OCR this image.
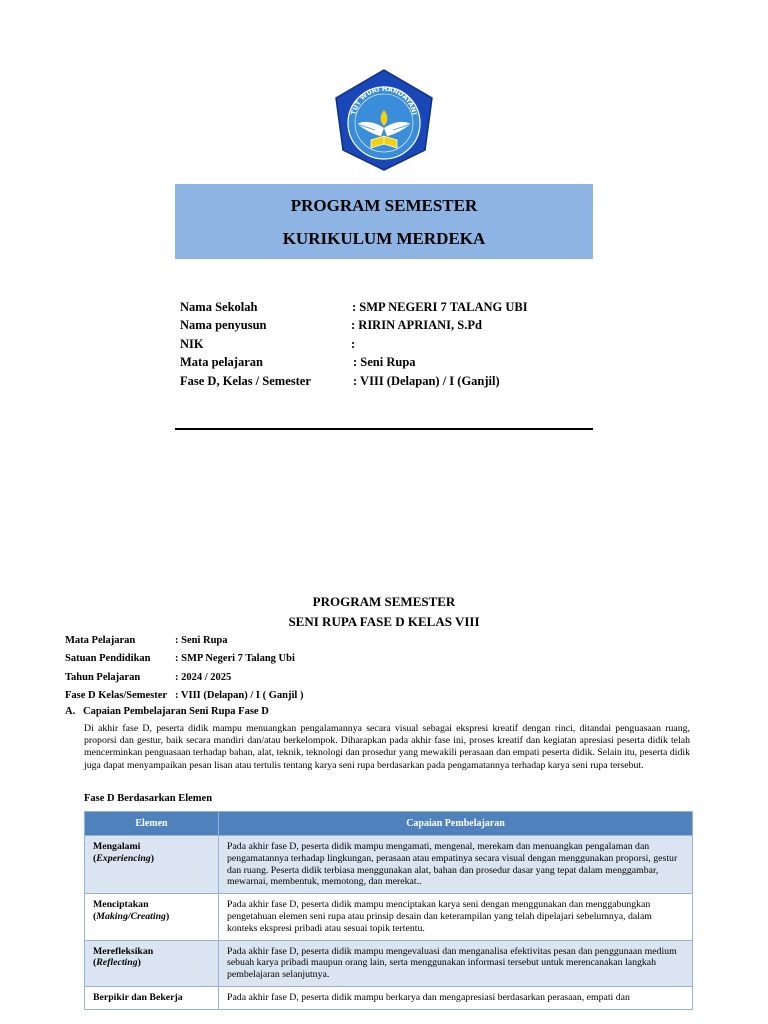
TUT WURI HANDAYANI
PROGRAM SEMESTER
KURIKULUM MERDEKA
Nama Sekolah	: SMP NEGERI 7 TALANG UBI
Nama penyusun	: RIRIN APRIANI, S.Pd
NIK	:
Mata pelajaran	: Seni Rupa
Fase D, Kelas / Semester	: VIII (Delapan) / I (Ganjil)
PROGRAM SEMESTER
SENI RUPA FASE D KELAS VIII
Mata Pelajaran	: Seni Rupa
Satuan Pendidikan : SMP Negeri 7 Talang Ubi
Tahun Pelajaran	: 2024 / 2025
Fase D Kelas/Semester : VIII (Delapan) / I ( Ganjil )
A. Capaian Pembelajaran Seni Rupa Fase D

Di akhir fase D, peserta didik mampu menuangkan pengalamannya secara visual sebagai ekspresi kreatif dengan rinci, ditandai penguasaan ruang, proporsi dan gestur, baik secara mandiri dan/atau berkelompok. Diharapkan pada akhir fase ini, proses kreatif dan kegiatan apresiasi peserta didik telah mencerminkan penguasaan terhadap bahan, alat, teknik, teknologi dan prosedur yang mewakili perasaan dan empati peserta didik. Selain itu, peserta didik juga dapat menyampaikan pesan lisan atau tertulis tentang karya seni rupa berdasarkan pada pengamatannya terhadap karya seni rupa tersebut.

Fase D Berdasarkan Elemen
Elemen	Capaian Pembelajaran
Mengalami
(Experiencing)	Pada akhir fase D, peserta didik mampu mengamati, mengenal, merekam dan menuangkan pengalaman dan pengamatannya terhadap lingkungan, perasaan atau empatinya secara visual dengan menggunakan proporsi, gestur dan ruang. Peserta didik terbiasa menggunakan alat, bahan dan prosedur dasar yang tepat dalam menggambar, mewarnai, membentuk, memotong, dan merekat..
Menciptakan
(Making/Creating)	Pada akhir fase D, peserta didik mampu menciptakan karya seni dengan menggunakan dan menggabungkan pengetahuan elemen seni rupa atau prinsip desain dan keterampilan yang telah dipelajari sebelumnya, dalam konteks ekspresi pribadi atau sesuai topik tertentu.
Merefleksikan
(Reflecting)	Pada akhir fase D, peserta didik mampu mengevaluasi dan menganalisa efektivitas pesan dan penggunaan medium sebuah karya pribadi maupun orang lain, serta menggunakan informasi tersebut untuk merencanakan langkah pembelajaran selanjutnya.
Berpikir dan Bekerja	Pada akhir fase D, peserta didik mampu berkarya dan mengapresiasi berdasarkan perasaan, empati dan
